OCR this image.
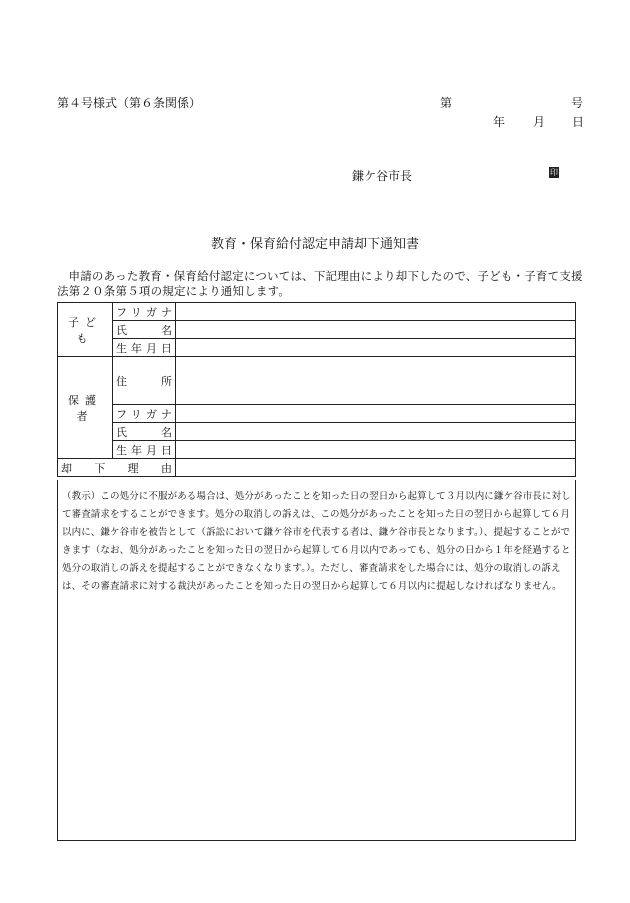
第４号様式（第６条関係）	第	号
年 月 日
鎌ケ谷市長	印
教育・保育給付認定申請却下通知書
申請のあった教育・保育給付認定については、下記理由により却下したので、子ども・子育て支援法第２０条第５項の規定により通知します。
子ども	フリガナ	
	氏名	
	生年月日	
保護者	住所	
	フリガナ	
	氏名	
	生年月日	
却下理由		
（教示）この処分に不服がある場合は、処分があったことを知った日の翌日から起算して３月以内に鎌ケ谷市長に対して審査請求をすることができます。処分の取消しの訴えは、この処分があったことを知った日の翌日から起算して６月以内に、鎌ケ谷市を被告として（訴訟において鎌ケ谷市を代表する者は、鎌ケ谷市長となります。）、提起することができます（なお、処分があったことを知った日の翌日から起算して６月以内であっても、処分の日から１年を経過すると処分の取消しの訴えを提起することができなくなります。）。ただし、審査請求をした場合には、処分の取消しの訴えは、その審査請求に対する裁決があったことを知った日の翌日から起算して６月以内に提起しなければなりません。
